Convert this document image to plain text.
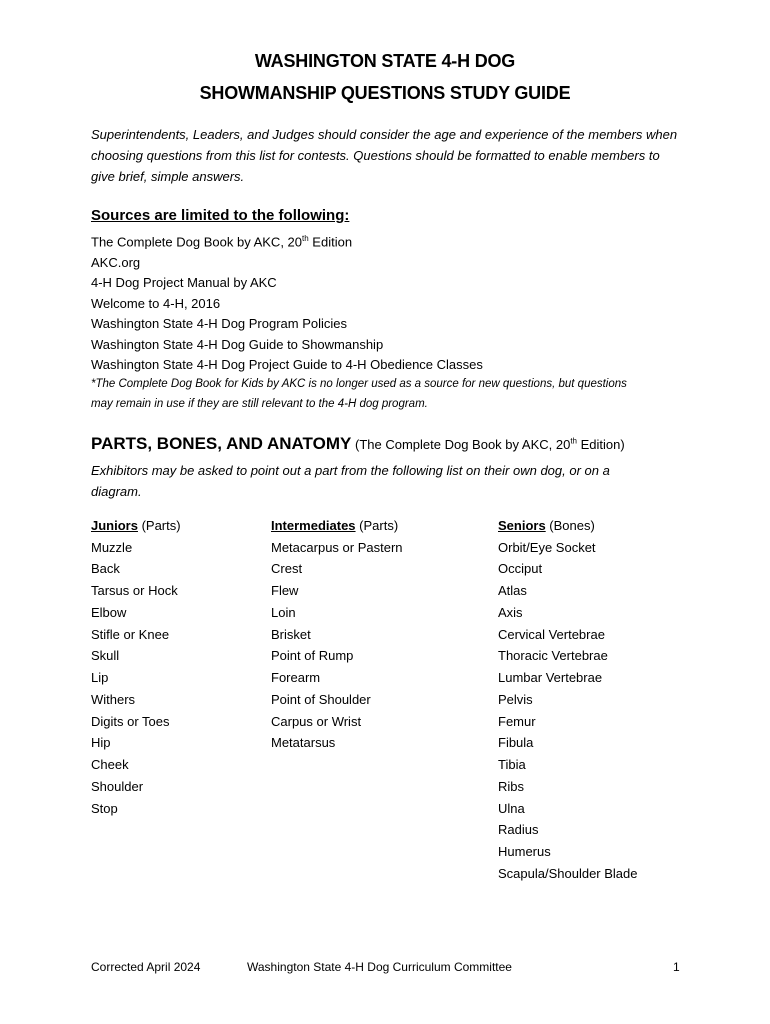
WASHINGTON STATE 4-H DOG
SHOWMANSHIP QUESTIONS STUDY GUIDE
Superintendents, Leaders, and Judges should consider the age and experience of the members when choosing questions from this list for contests. Questions should be formatted to enable members to give brief, simple answers.
Sources are limited to the following:
The Complete Dog Book by AKC, 20th Edition
AKC.org
4-H Dog Project Manual by AKC
Welcome to 4-H, 2016
Washington State 4-H Dog Program Policies
Washington State 4-H Dog Guide to Showmanship
Washington State 4-H Dog Project Guide to 4-H Obedience Classes
*The Complete Dog Book for Kids by AKC is no longer used as a source for new questions, but questions may remain in use if they are still relevant to the 4-H dog program.
PARTS, BONES, AND ANATOMY (The Complete Dog Book by AKC, 20th Edition)
Exhibitors may be asked to point out a part from the following list on their own dog, or on a diagram.
Juniors (Parts)
Muzzle
Back
Tarsus or Hock
Elbow
Stifle or Knee
Skull
Lip
Withers
Digits or Toes
Hip
Cheek
Shoulder
Stop
Intermediates (Parts)
Metacarpus or Pastern
Crest
Flew
Loin
Brisket
Point of Rump
Forearm
Point of Shoulder
Carpus or Wrist
Metatarsus
Seniors (Bones)
Orbit/Eye Socket
Occiput
Atlas
Axis
Cervical Vertebrae
Thoracic Vertebrae
Lumbar Vertebrae
Pelvis
Femur
Fibula
Tibia
Ribs
Ulna
Radius
Humerus
Scapula/Shoulder Blade
Corrected April 2024	Washington State 4-H Dog Curriculum Committee	1
